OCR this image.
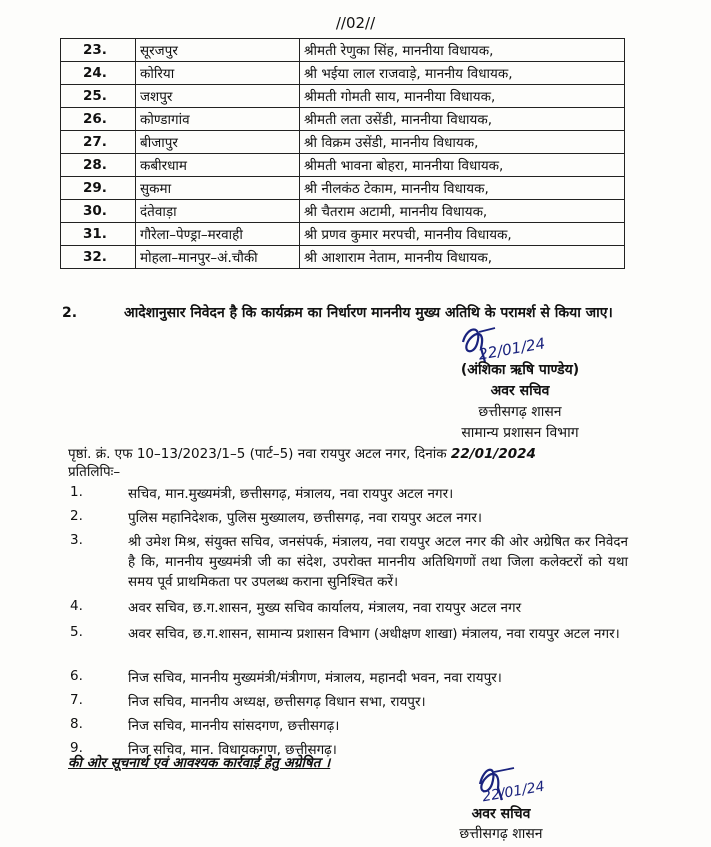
//02//
23.	सूरजपुर	श्रीमती रेणुका सिंह, माननीया विधायक,
24.	कोरिया	श्री भईया लाल राजवाड़े, माननीय विधायक,
25.	जशपुर	श्रीमती गोमती साय, माननीया विधायक,
26.	कोण्डागांव	श्रीमती लता उसेंडी, माननीया विधायक,
27.	बीजापुर	श्री विक्रम उसेंडी, माननीय विधायक,
28.	कबीरधाम	श्रीमती भावना बोहरा, माननीया विधायक,
29.	सुकमा	श्री नीलकंठ टेकाम, माननीय विधायक,
30.	दंतेवाड़ा	श्री चैतराम अटामी, माननीय विधायक,
31.	गौरेला–पेण्ड्रा–मरवाही	श्री प्रणव कुमार मरपची, माननीय विधायक,
32.	मोहला–मानपुर–अं.चौकी	श्री आशाराम नेताम, माननीय विधायक,
2.	आदेशानुसार निवेदन है कि कार्यक्रम का निर्धारण माननीय मुख्य अतिथि के परामर्श से किया जाए।
22/01/24
(अंशिका ऋषि पाण्डेय)
अवर सचिव
छत्तीसगढ़ शासन
सामान्य प्रशासन विभाग
पृष्ठां. क्रं. एफ 10–13/2023/1–5 (पार्ट–5) नवा रायपुर अटल नगर, दिनांक 22/01/2024
प्रतिलिपिः–
1.	सचिव, मान.मुख्यमंत्री, छत्तीसगढ़, मंत्रालय, नवा रायपुर अटल नगर।
2.	पुलिस महानिदेशक, पुलिस मुख्यालय, छत्तीसगढ़, नवा रायपुर अटल नगर।
3.	श्री उमेश मिश्र, संयुक्त सचिव, जनसंपर्क, मंत्रालय, नवा रायपुर अटल नगर की ओर अग्रेषित कर निवेदन है कि, माननीय मुख्यमंत्री जी का संदेश, उपरोक्त माननीय अतिथिगणों तथा जिला कलेक्टरों को यथा समय पूर्व प्राथमिकता पर उपलब्ध कराना सुनिश्चित करें।
4.	अवर सचिव, छ.ग.शासन, मुख्य सचिव कार्यालय, मंत्रालय, नवा रायपुर अटल नगर
5.	अवर सचिव, छ.ग.शासन, सामान्य प्रशासन विभाग (अधीक्षण शाखा) मंत्रालय, नवा रायपुर अटल नगर।
6.	निज सचिव, माननीय मुख्यमंत्री/मंत्रीगण, मंत्रालय, महानदी भवन, नवा रायपुर।
7.	निज सचिव, माननीय अध्यक्ष, छत्तीसगढ़ विधान सभा, रायपुर।
8.	निज सचिव, माननीय सांसदगण, छत्तीसगढ़।
9.	निज सचिव, मान. विधायकगण, छत्तीसगढ़।
की ओर सूचनार्थ एवं आवश्यक कार्रवाई हेतु अग्रेषित ।
22/01/24
अवर सचिव
छत्तीसगढ़ शासन
